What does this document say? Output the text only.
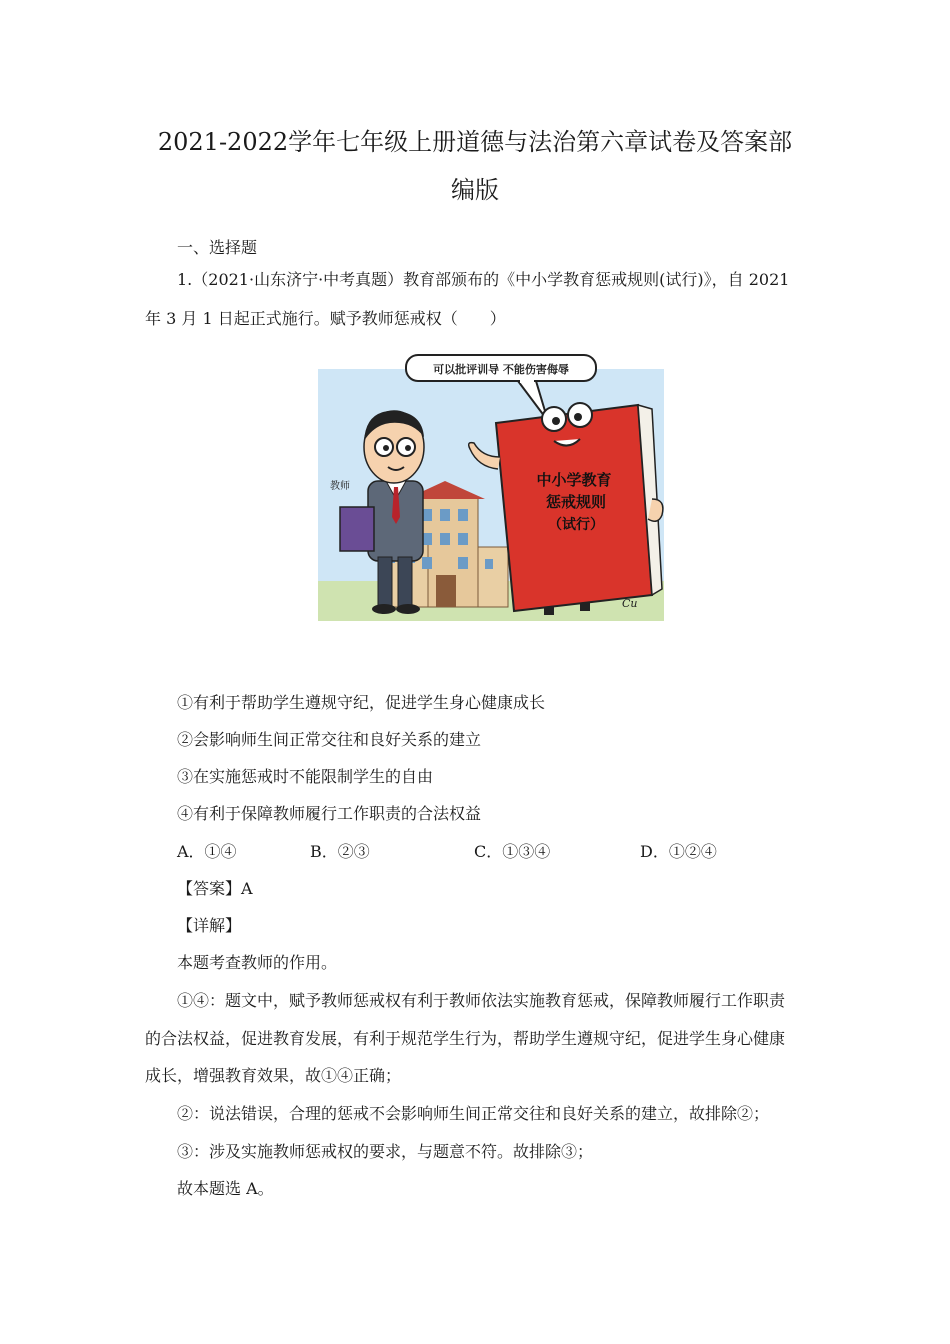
2021-2022学年七年级上册道德与法治第六章试卷及答案部
编版
一、选择题
1.（2021·山东济宁·中考真题）教育部颁布的《中小学教育惩戒规则(试行)》，自 2021
年 3 月 1 日起正式施行。赋予教师惩戒权（　　）
教师
可以批评训导 不能伤害侮辱
中小学教育
惩戒规则
（试行）
Cu
①有利于帮助学生遵规守纪，促进学生身心健康成长
②会影响师生间正常交往和良好关系的建立
③在实施惩戒时不能限制学生的自由
④有利于保障教师履行工作职责的合法权益
A．①④	B．②③	C．①③④	D．①②④
【答案】A
【详解】
本题考查教师的作用。
①④：题文中，赋予教师惩戒权有利于教师依法实施教育惩戒，保障教师履行工作职责
的合法权益，促进教育发展，有利于规范学生行为，帮助学生遵规守纪，促进学生身心健康
成长，增强教育效果，故①④正确；
②：说法错误，合理的惩戒不会影响师生间正常交往和良好关系的建立，故排除②；
③：涉及实施教师惩戒权的要求，与题意不符。故排除③；
故本题选 A。
